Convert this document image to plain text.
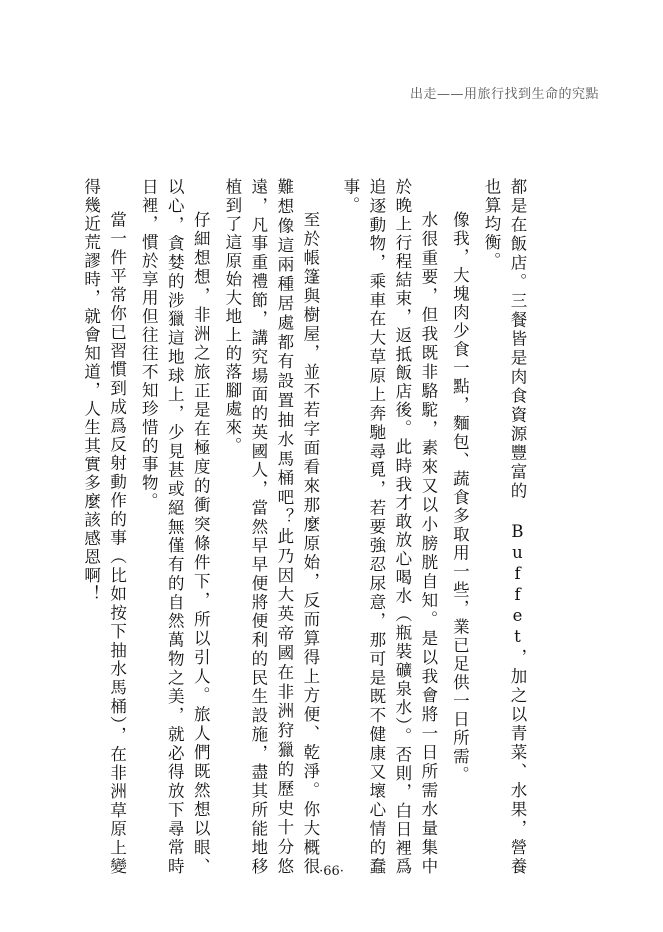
出走——用旅行找到生命的究點

都是在飯店。三餐皆是肉食資源豐富的 Buffet，加之以青菜、水果，營養也算均衡。

像我，大塊肉少食一點，麵包、蔬食多取用一些，業已足供一日所需。

水很重要，但我既非駱駝，素來又以小膀胱自知。是以我會將一日所需水量集中於晚上行程結束，返抵飯店後。此時我才敢放心喝水（瓶裝礦泉水）。否則，白日裡爲追逐動物，乘車在大草原上奔馳尋覓，若要強忍尿意，那可是既不健康又壞心情的蠢事。

至於帳篷與樹屋，並不若字面看來那麼原始，反而算得上方便、乾淨。你大概很難想像這兩種居處都有設置抽水馬桶吧？此乃因大英帝國在非洲狩獵的歷史十分悠遠，凡事重禮節，講究場面的英國人，當然早早便將便利的民生設施，盡其所能地移植到了這原始大地上的落腳處來。

仔細想想，非洲之旅正是在極度的衝突條件下，所以引人。旅人們既然想以眼、以心，貪婪的涉獵這地球上，少見甚或絕無僅有的自然萬物之美，就必得放下尋常時日裡，慣於享用但往往不知珍惜的事物。

當一件平常你已習慣到成爲反射動作的事（比如按下抽水馬桶），在非洲草原上變得幾近荒謬時，就會知道，人生其實多麼該感恩啊！

·66·
